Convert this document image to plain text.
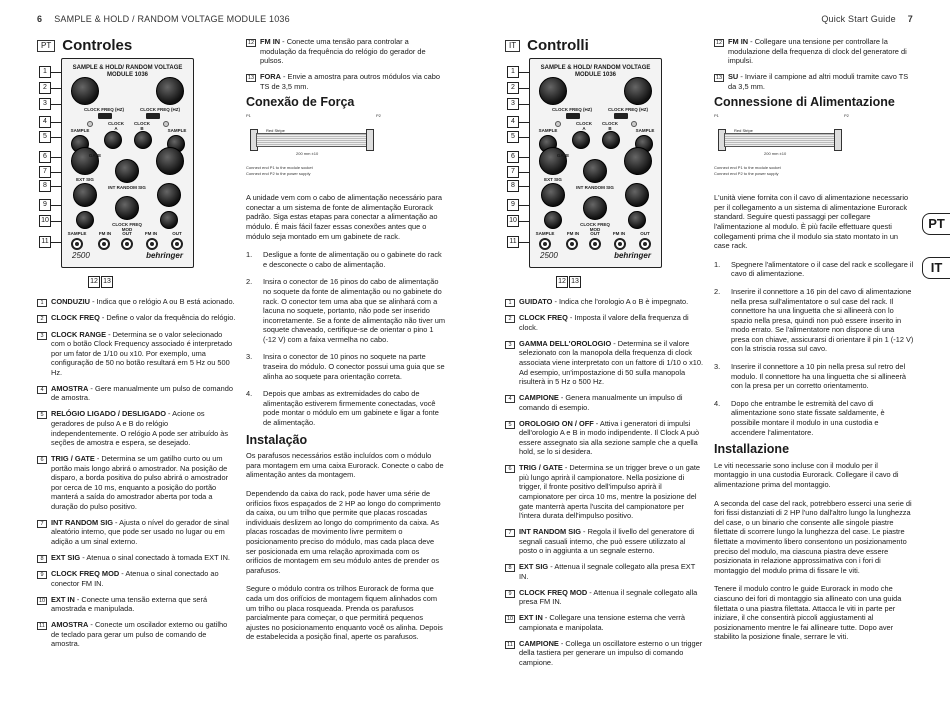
6 SAMPLE & HOLD / RANDOM VOLTAGE MODULE 1036
PT Controles
SAMPLE & HOLD/ RANDOM VOLTAGE MODULE 1036
CLOCK FREQ (HZ)	CLOCK FREQ (HZ)
CLOCK A
CLOCK B
SAMPLE	SAMPLE
GATE
INT RANDOM SIG
EXT SIG
CLOCK FREQ MOD
SAMPLE	FM IN	OUT	FM IN	OUT
2500	behringer
1
2
3
4
5
6
7
8
9
10
11
12 13
1	CONDUZIU - Indica que o relógio A ou B está acionado.
2	CLOCK FREQ - Define o valor da frequência do relógio.
3	CLOCK RANGE - Determina se o valor selecionado com o botão Clock Frequency associado é interpretado por um fator de 1/10 ou x10. Por exemplo, uma configuração de 50 no botão resultará em 5 Hz ou 500 Hz.
4	AMOSTRA - Gere manualmente um pulso de comando de amostra.
5	RELÓGIO LIGADO / DESLIGADO - Acione os geradores de pulso A e B do relógio independentemente. O relógio A pode ser atribuído às seções de amostra e espera, se desejado.
6	TRIG / GATE - Determina se um gatilho curto ou um portão mais longo abrirá o amostrador. Na posição de disparo, a borda positiva do pulso abrirá o amostrador por cerca de 10 ms, enquanto a posição do portão manterá a saída do amostrador aberta por toda a duração do pulso positivo.
7	INT RANDOM SIG - Ajusta o nível do gerador de sinal aleatório interno, que pode ser usado no lugar ou em adição a um sinal externo.
8	EXT SIG - Atenua o sinal conectado à tomada EXT IN.
9	CLOCK FREQ MOD - Atenua o sinal conectado ao conector FM IN.
10 EXT IN - Conecte uma tensão externa que será amostrada e manipulada.
11 AMOSTRA - Conecte um oscilador externo ou gatilho de teclado para gerar um pulso de comando de amostra.
12 FM IN - Conecte uma tensão para controlar a modulação da frequência do relógio do gerador de pulsos.
13 FORA - Envie a amostra para outros módulos via cabo TS de 3,5 mm.
Conexão de Força
P1	P2
Red Stripe
200 mm ±10
Connect end P1 to the module socket
Connect end P2 to the power supply

A unidade vem com o cabo de alimentação necessário para conectar a um sistema de fonte de alimentação Eurorack padrão. Siga estas etapas para conectar a alimentação ao módulo. É mais fácil fazer essas conexões antes que o módulo seja montado em um gabinete de rack.

1.	Desligue a fonte de alimentação ou o gabinete do rack e desconecte o cabo de alimentação.
2.	Insira o conector de 16 pinos do cabo de alimentação no soquete da fonte de alimentação ou no gabinete do rack. O conector tem uma aba que se alinhará com a lacuna no soquete, portanto, não pode ser inserido incorretamente. Se a fonte de alimentação não tiver um soquete chaveado, certifique-se de orientar o pino 1 (-12 V) com a faixa vermelha no cabo.
3.	Insira o conector de 10 pinos no soquete na parte traseira do módulo. O conector possui uma guia que se alinha ao soquete para orientação correta.
4.	Depois que ambas as extremidades do cabo de alimentação estiverem firmemente conectadas, você pode montar o módulo em um gabinete e ligar a fonte de alimentação.
Instalação

Os parafusos necessários estão incluídos com o módulo para montagem em uma caixa Eurorack. Conecte o cabo de alimentação antes da montagem.

Dependendo da caixa do rack, pode haver uma série de orifícios fixos espaçados de 2 HP ao longo do comprimento da caixa, ou um trilho que permite que placas roscadas individuais deslizem ao longo do comprimento da caixa. As placas roscadas de movimento livre permitem o posicionamento preciso do módulo, mas cada placa deve ser posicionada em uma relação aproximada com os orifícios de montagem em seu módulo antes de prender os parafusos.

Segure o módulo contra os trilhos Eurorack de forma que cada um dos orifícios de montagem fiquem alinhados com um trilho ou placa rosqueada. Prenda os parafusos parcialmente para começar, o que permitirá pequenos ajustes no posicionamento enquanto você os alinha. Depois de estabelecida a posição final, aperte os parafusos.

Quick Start Guide 7
IT Controlli
SAMPLE & HOLD/ RANDOM VOLTAGE MODULE 1036
CLOCK FREQ (HZ)	CLOCK FREQ (HZ)
CLOCK A
CLOCK B
SAMPLE	SAMPLE
GATE
INT RANDOM SIG
EXT SIG
CLOCK FREQ MOD
SAMPLE	FM IN	OUT	FM IN	OUT
2500	behringer
1
2
3
4
5
6
7
8
9
10
11
12 13
1	GUIDATO - Indica che l'orologio A o B è impegnato.
2	CLOCK FREQ - Imposta il valore della frequenza di clock.
3	GAMMA DELL'OROLOGIO - Determina se il valore selezionato con la manopola della frequenza di clock associata viene interpretato con un fattore di 1/10 o x10. Ad esempio, un'impostazione di 50 sulla manopola risulterà in 5 Hz o 500 Hz.
4	CAMPIONE - Genera manualmente un impulso di comando di esempio.
5	OROLOGIO ON / OFF - Attiva i generatori di impulsi dell'orologio A e B in modo indipendente. Il Clock A può essere assegnato sia alla sezione sample che a quella hold, se lo si desidera.
6	TRIG / GATE - Determina se un trigger breve o un gate più lungo aprirà il campionatore. Nella posizione di trigger, il fronte positivo dell'impulso aprirà il campionatore per circa 10 ms, mentre la posizione del gate manterrà aperta l'uscita del campionatore per l'intera durata dell'impulso positivo.
7	INT RANDOM SIG - Regola il livello del generatore di segnali casuali interno, che può essere utilizzato al posto o in aggiunta a un segnale esterno.
8	EXT SIG - Attenua il segnale collegato alla presa EXT IN.
9	CLOCK FREQ MOD - Attenua il segnale collegato alla presa FM IN.
10 EXT IN - Collegare una tensione esterna che verrà campionata e manipolata.
11 CAMPIONE - Collega un oscillatore esterno o un trigger della tastiera per generare un impulso di comando campione.
12 FM IN - Collegare una tensione per controllare la modulazione della frequenza di clock del generatore di impulsi.
13 SU - Inviare il campione ad altri moduli tramite cavo TS da 3,5 mm.
Connessione di Alimentazione
P1	P2
Red Stripe
200 mm ±10
Connect end P1 to the module socket
Connect end P2 to the power supply

L'unità viene fornita con il cavo di alimentazione necessario per il collegamento a un sistema di alimentazione Eurorack standard. Seguire questi passaggi per collegare l'alimentazione al modulo. È più facile effettuare questi collegamenti prima che il modulo sia stato montato in un case rack.

1.	Spegnere l'alimentatore o il case del rack e scollegare il cavo di alimentazione.
2.	Inserire il connettore a 16 pin del cavo di alimentazione nella presa sull'alimentatore o sul case del rack. Il connettore ha una linguetta che si allineerà con lo spazio nella presa, quindi non può essere inserito in modo errato. Se l'alimentatore non dispone di una presa con chiave, assicurarsi di orientare il pin 1 (-12 V) con la striscia rossa sul cavo.
3.	Inserire il connettore a 10 pin nella presa sul retro del modulo. Il connettore ha una linguetta che si allineerà con la presa per un corretto orientamento.
4.	Dopo che entrambe le estremità del cavo di alimentazione sono state fissate saldamente, è possibile montare il modulo in una custodia e accendere l'alimentatore.
Installazione

Le viti necessarie sono incluse con il modulo per il montaggio in una custodia Eurorack. Collegare il cavo di alimentazione prima del montaggio.

A seconda del case del rack, potrebbero esserci una serie di fori fissi distanziati di 2 HP l'uno dall'altro lungo la lunghezza del case, o un binario che consente alle singole piastre filettate di scorrere lungo la lunghezza del case. Le piastre filettate a movimento libero consentono un posizionamento preciso del modulo, ma ciascuna piastra deve essere posizionata in relazione approssimativa con i fori di montaggio del modulo prima di fissare le viti.

Tenere il modulo contro le guide Eurorack in modo che ciascuno dei fori di montaggio sia allineato con una guida filettata o una piastra filettata. Attacca le viti in parte per iniziare, il che consentirà piccoli aggiustamenti al posizionamento mentre le fai allineare tutte. Dopo aver stabilito la posizione finale, serrare le viti.

PT
IT
